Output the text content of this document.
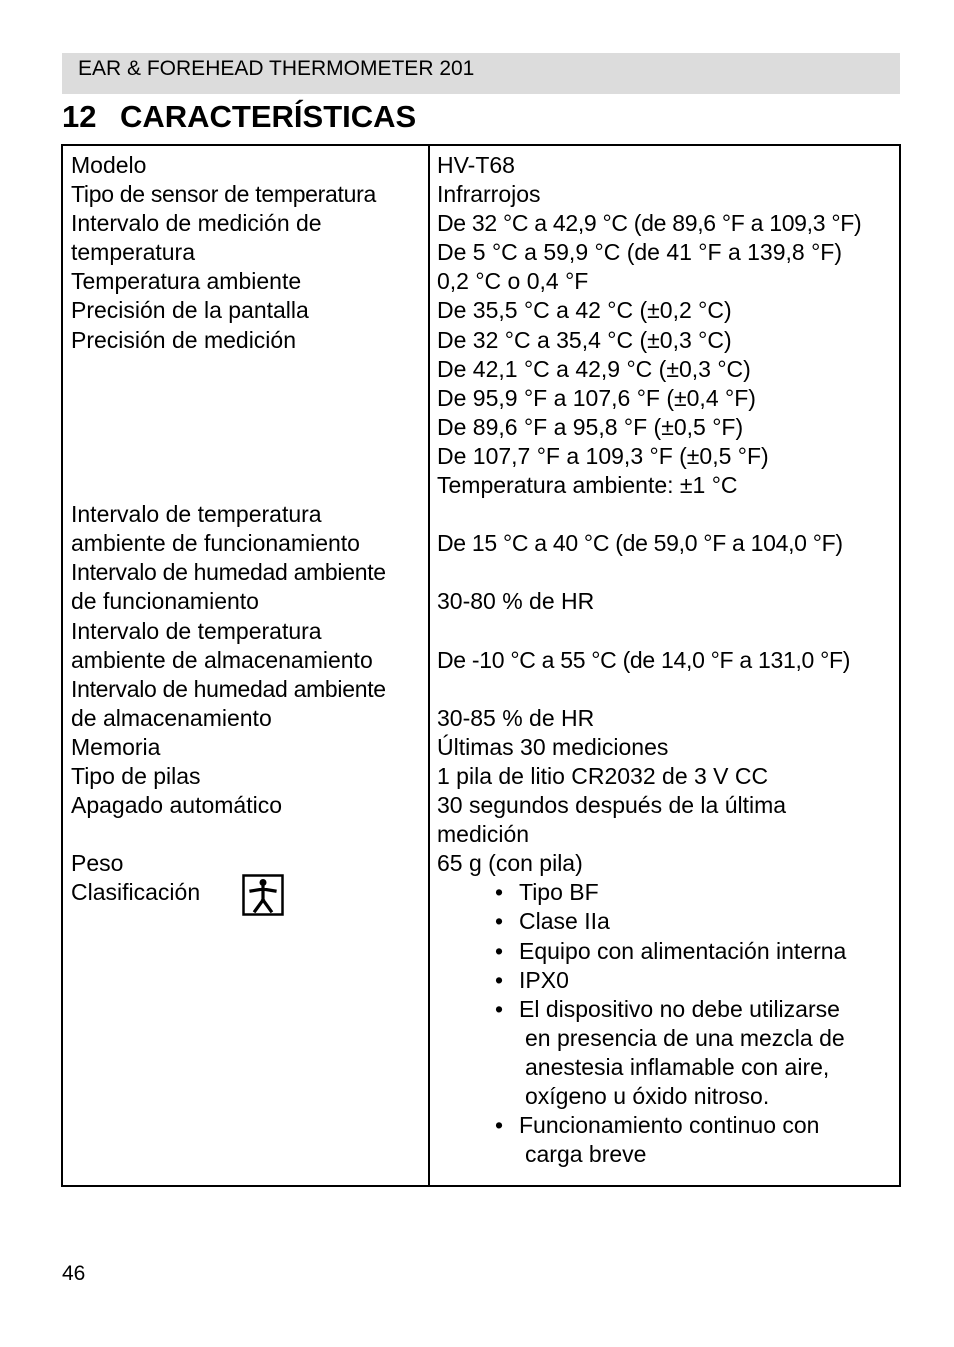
EAR & FOREHEAD THERMOMETER 201
12 CARACTERÍSTICAS
Modelo
Tipo de sensor de temperatura
Intervalo de medición de
temperatura
Temperatura ambiente
Precisión de la pantalla
Precisión de medición
Intervalo de temperatura
ambiente de funcionamiento
Intervalo de humedad ambiente
de funcionamiento
Intervalo de temperatura
ambiente de almacenamiento
Intervalo de humedad ambiente
de almacenamiento
Memoria
Tipo de pilas
Apagado automático
Peso
Clasificación
HV-T68
Infrarrojos
De 32 °C a 42,9 °C (de 89,6 °F a 109,3 °F)
De 5 °C a 59,9 °C (de 41 °F a 139,8 °F)
0,2 °C o 0,4 °F
De 35,5 °C a 42 °C (±0,2 °C)
De 32 °C a 35,4 °C (±0,3 °C)
De 42,1 °C a 42,9 °C (±0,3 °C)
De 95,9 °F a 107,6 °F (±0,4 °F)
De 89,6 °F a 95,8 °F (±0,5 °F)
De 107,7 °F a 109,3 °F (±0,5 °F)
Temperatura ambiente: ±1 °C
De 15 °C a 40 °C (de 59,0 °F a 104,0 °F)
30-80 % de HR
De -10 °C a 55 °C (de 14,0 °F a 131,0 °F)
30-85 % de HR
Últimas 30 mediciones
1 pila de litio CR2032 de 3 V CC
30 segundos después de la última
medición
65 g (con pila)
• Tipo BF
• Clase IIa
• Equipo con alimentación interna
• IPX0
• El dispositivo no debe utilizarse
en presencia de una mezcla de
anestesia inflamable con aire,
oxígeno u óxido nitroso.
• Funcionamiento continuo con
carga breve
46
